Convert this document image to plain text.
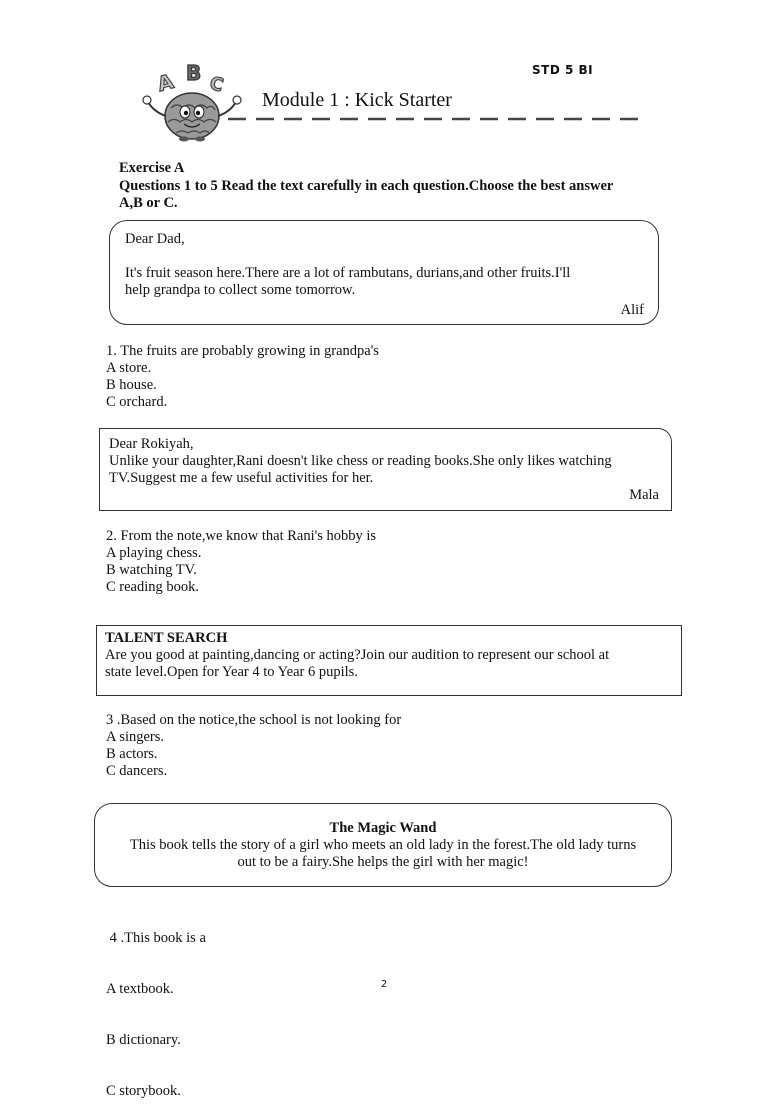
STD 5 BI
A B C
Module 1 : Kick Starter
Exercise A
Questions 1 to 5 Read the text carefully in each question.Choose the best answer
A,B or C.
Dear Dad,
It's fruit season here.There are a lot of rambutans, durians,and other fruits.I'll
help grandpa to collect some tomorrow.
Alif
1. The fruits are probably growing in grandpa's
A store.
B house.
C orchard.
Dear Rokiyah,
Unlike your daughter,Rani doesn't like chess or reading books.She only likes watching
TV.Suggest me a few useful activities for her.
Mala
2. From the note,we know that Rani's hobby is
A playing chess.
B watching TV.
C reading book.
TALENT SEARCH
Are you good at painting,dancing or acting?Join our audition to represent our school at
state level.Open for Year 4 to Year 6 pupils.
3 .Based on the notice,the school is not looking for
A singers.
B actors.
C dancers.
The Magic Wand
This book tells the story of a girl who meets an old lady in the forest.The old lady turns
out to be a fairy.She helps the girl with her magic!

4 .This book is a

A textbook.

B dictionary.

C storybook.

2
